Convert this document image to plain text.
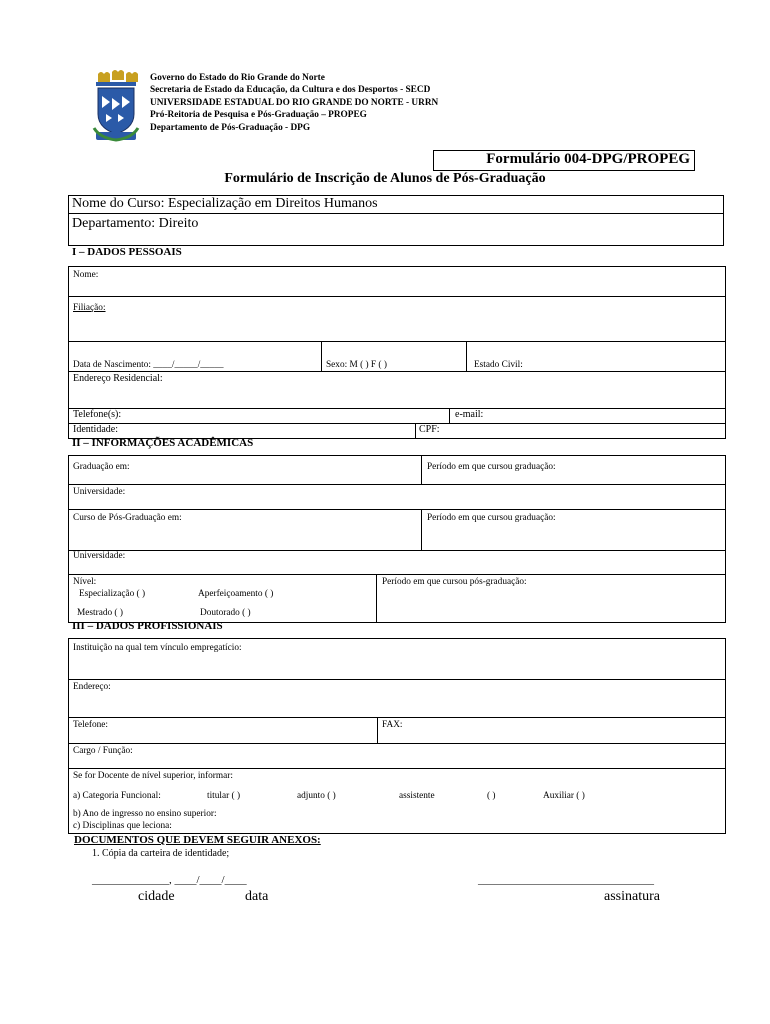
Governo do Estado do Rio Grande do Norte
Secretaria de Estado da Educação, da Cultura e dos Desportos - SECD
UNIVERSIDADE ESTADUAL DO RIO GRANDE DO NORTE - URRN
Pró-Reitoria de Pesquisa e Pós-Graduação – PROPEG
Departamento de Pós-Graduação - DPG
Formulário 004-DPG/PROPEG
Formulário de Inscrição de Alunos de Pós-Graduação
Nome do Curso: Especialização em Direitos Humanos
Departamento: Direito
I – DADOS PESSOAIS
Nome:
Filiação:
Data de Nascimento: ____/_____/_____	Sexo: M ( ) F ( )	Estado Civil:
Endereço Residencial:
Telefone(s):	e-mail:
Identidade:	CPF:
II – INFORMAÇÕES ACADÊMICAS
Graduação em:	Período em que cursou graduação:
Universidade:
Curso de Pós-Graduação em:	Período em que cursou graduação:
Universidade:
Nível:
Especialização ( )	Aperfeiçoamento ( )
Mestrado ( )	Doutorado ( )
Período em que cursou pós-graduação:
III – DADOS PROFISSIONAIS
Instituição na qual tem vínculo empregatício:
Endereço:
Telefone:	FAX:
Cargo / Função:
Se for Docente de nível superior, informar:
a) Categoria Funcional:	titular ( )	adjunto ( )	assistente	( )	Auxiliar ( )
b) Ano de ingresso no ensino superior:
c) Disciplinas que leciona:
DOCUMENTOS QUE DEVEM SEGUIR ANEXOS:
1. Cópia da carteira de identidade;
______________, ____/____/____	________________________________
cidade	data	assinatura
